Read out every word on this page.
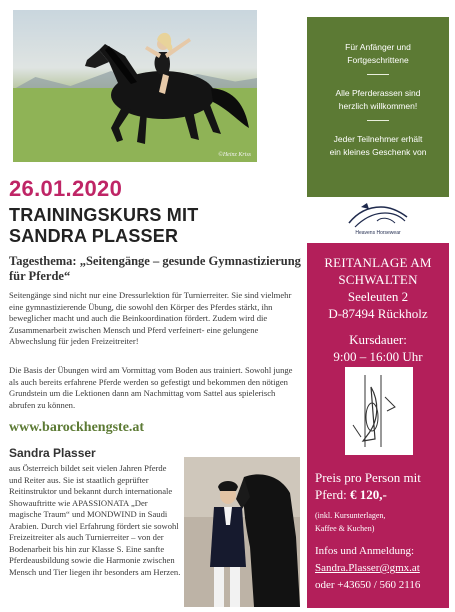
©Heinz Kriss

Für Anfänger und

Fortgeschrittene

Alle Pferderassen sind

herzlich willkommen!

Jeder Teilnehmer erhält

ein kleines Geschenk von

Heavens Horsewear
REITANLAGE AM
SCHWALTEN
Seeleuten 2
D-87494 Rückholz
Kursdauer:
9:00 – 16:00 Uhr
Preis pro Person mit
Pferd: € 120,-
(inkl. Kursunterlagen,
Kaffee & Kuchen)
Infos und Anmeldung:
Sandra.Plasser@gmx.at
oder +43650 / 560 2116
26.01.2020
TRAININGSKURS MIT
SANDRA PLASSER
Tagesthema: „Seitengänge – gesunde Gymnastizierung für Pferde“
Seitengänge sind nicht nur eine Dressurlektion für Turnierreiter. Sie sind vielmehr eine gymnastizierende Übung, die sowohl den Körper des Pferdes stärkt, ihn beweglicher macht und auch die Beinkoordination fördert. Zudem wird die Zusammenarbeit zwischen Mensch und Pferd verfeinert- eine gelungene Abwechslung für jeden Freizeitreiter!
Die Basis der Übungen wird am Vormittag vom Boden aus trainiert. Sowohl junge als auch bereits erfahrene Pferde werden so gefestigt und bekommen den nötigen Grundstein um die Lektionen dann am Nachmittag vom Sattel aus spielerisch abrufen zu können.
www.barockhengste.at
Sandra Plasser
aus Österreich bildet seit vielen Jahren Pferde und Reiter aus. Sie ist staatlich geprüfter Reitinstruktor und bekannt durch internationale Showauftritte wie APASSIONATA „Der magische Traum“ und MONDWIND in Saudi Arabien. Durch viel Erfahrung fördert sie sowohl Freizeitreiter als auch Turnierreiter – von der Bodenarbeit bis hin zur Klasse S. Eine sanfte Pferdeausbildung sowie die Harmonie zwischen Mensch und Tier liegen ihr besonders am Herzen.
